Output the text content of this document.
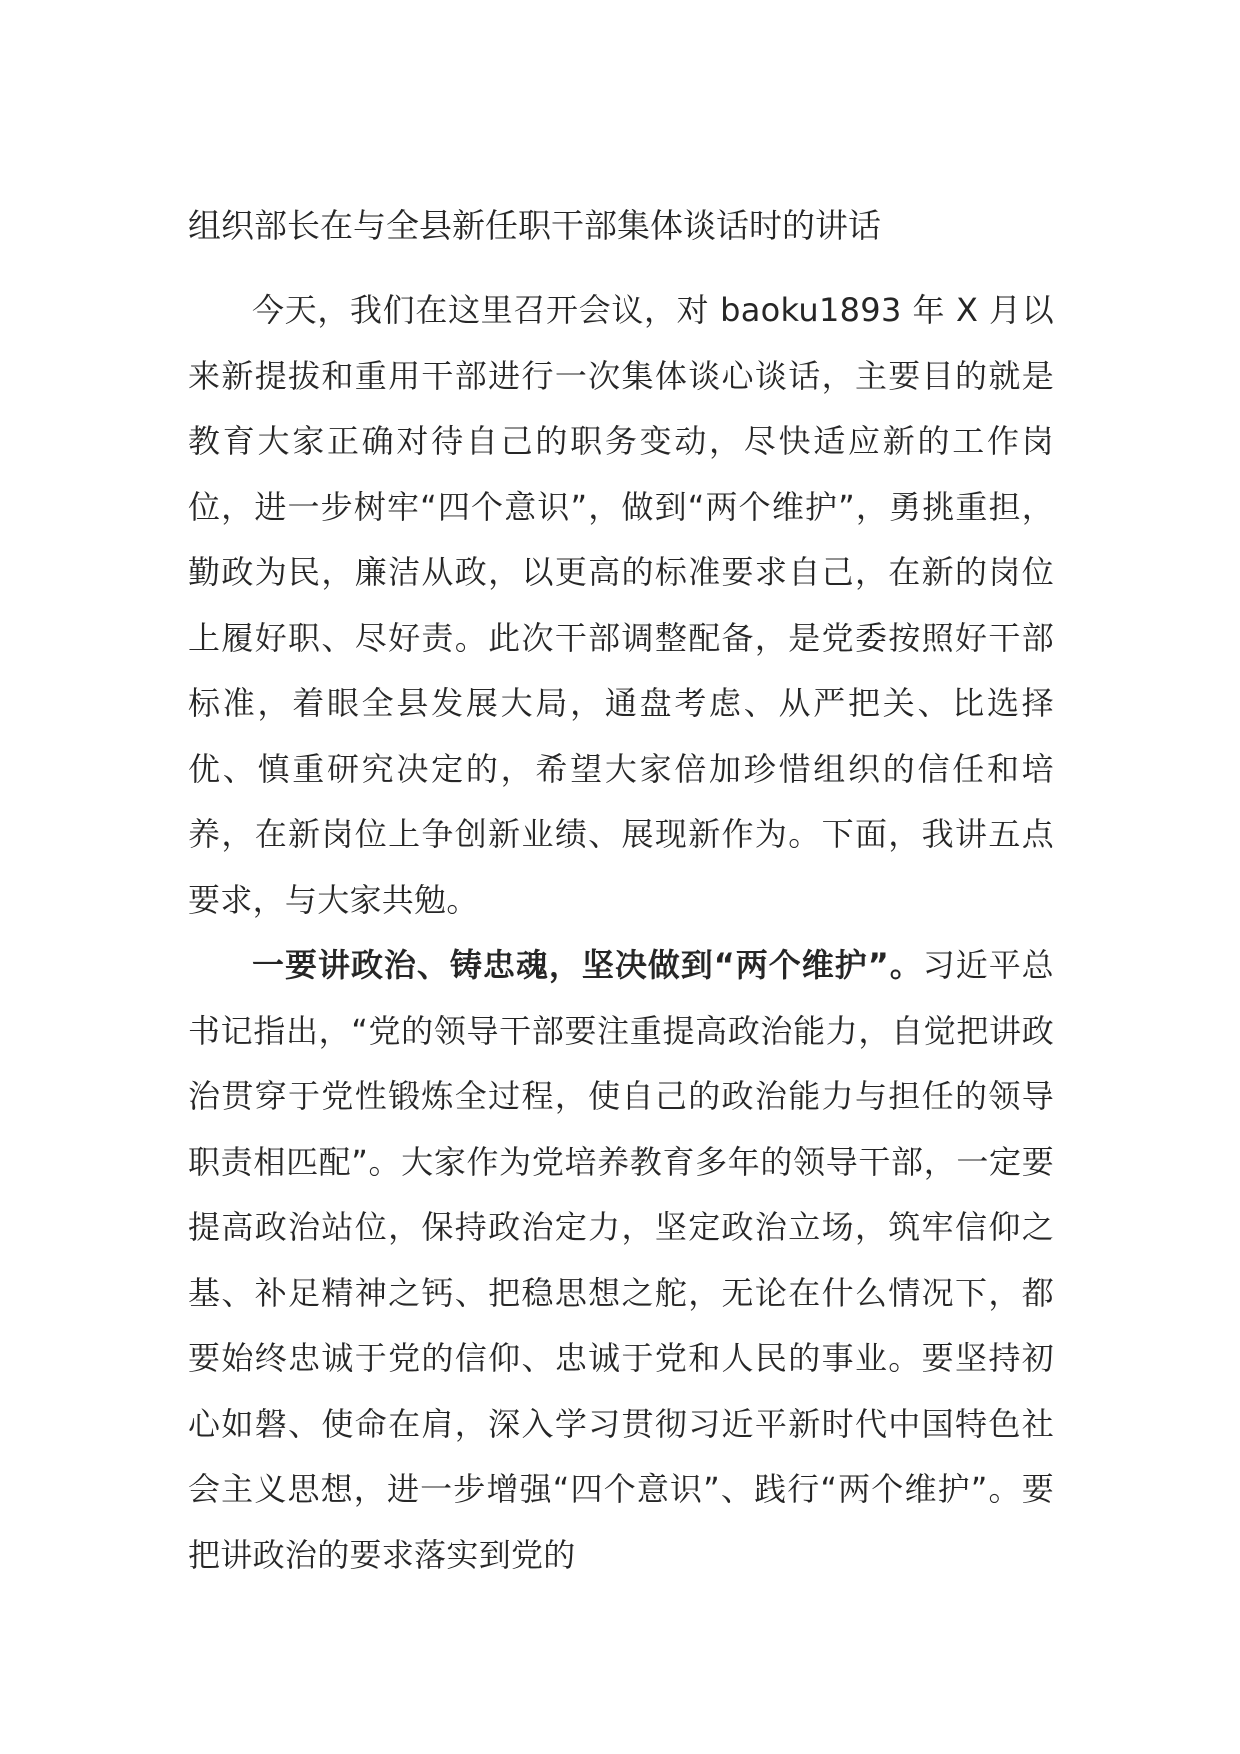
组织部长在与全县新任职干部集体谈话时的讲话

今天，我们在这里召开会议，对 baoku1893 年 X 月以来新提拔和重用干部进行一次集体谈心谈话，主要目的就是教育大家正确对待自己的职务变动，尽快适应新的工作岗位，进一步树牢“四个意识”，做到“两个维护”，勇挑重担，勤政为民，廉洁从政，以更高的标准要求自己，在新的岗位上履好职、尽好责。此次干部调整配备，是党委按照好干部标准，着眼全县发展大局，通盘考虑、从严把关、比选择优、慎重研究决定的，希望大家倍加珍惜组织的信任和培养，在新岗位上争创新业绩、展现新作为。下面，我讲五点要求，与大家共勉。

一要讲政治、铸忠魂，坚决做到“两个维护”。习近平总书记指出，“党的领导干部要注重提高政治能力，自觉把讲政治贯穿于党性锻炼全过程，使自己的政治能力与担任的领导职责相匹配”。大家作为党培养教育多年的领导干部，一定要提高政治站位，保持政治定力，坚定政治立场，筑牢信仰之基、补足精神之钙、把稳思想之舵，无论在什么情况下，都要始终忠诚于党的信仰、忠诚于党和人民的事业。要坚持初心如磐、使命在肩，深入学习贯彻习近平新时代中国特色社会主义思想，进一步增强“四个意识”、践行“两个维护”。要把讲政治的要求落实到党的
